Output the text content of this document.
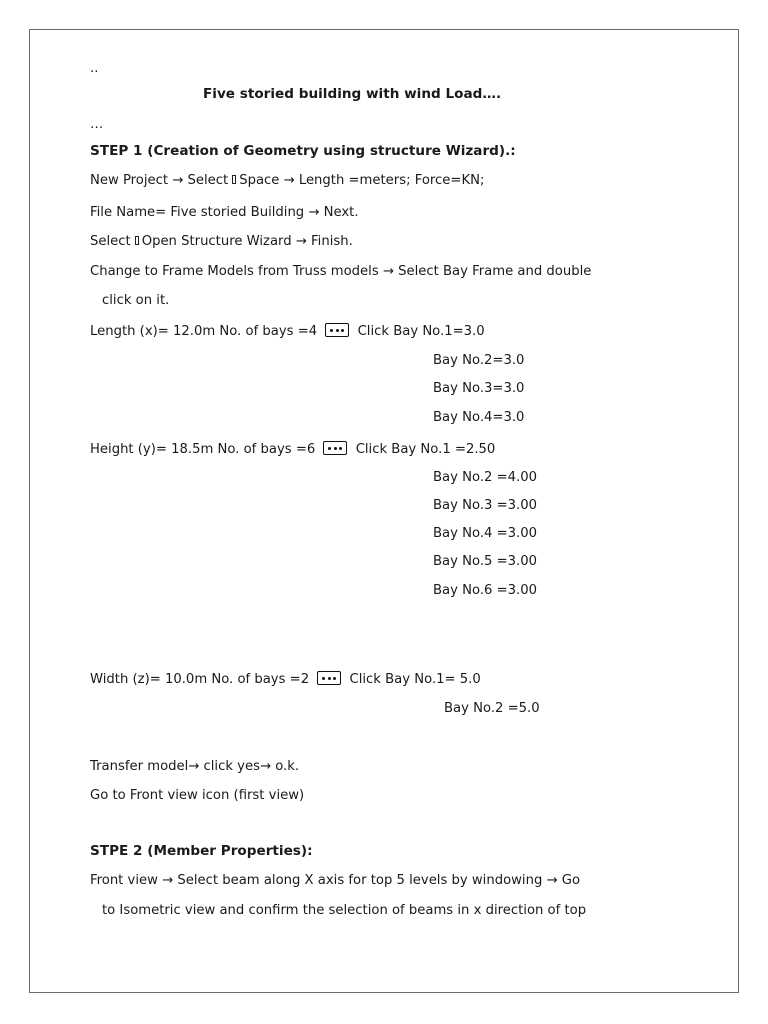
..
Five storied building with wind Load….
…
STEP 1 (Creation of Geometry using structure Wizard).:
New Project → Select Space → Length =meters; Force=KN;
File Name= Five storied Building → Next.
Select Open Structure Wizard → Finish.
Change to Frame Models from Truss models → Select Bay Frame and double
click on it.
Length (x)= 12.0m No. of bays =4	Click Bay No.1=3.0
Bay No.2=3.0
Bay No.3=3.0
Bay No.4=3.0
Height (y)= 18.5m No. of bays =6	Click Bay No.1 =2.50
Bay No.2 =4.00
Bay No.3 =3.00
Bay No.4 =3.00
Bay No.5 =3.00
Bay No.6 =3.00
Width (z)= 10.0m No. of bays =2	Click Bay No.1= 5.0
Bay No.2 =5.0
Transfer model→ click yes→ o.k.
Go to Front view icon (first view)
STPE 2 (Member Properties):
Front view → Select beam along X axis for top 5 levels by windowing → Go
to Isometric view and confirm the selection of beams in x direction of top
